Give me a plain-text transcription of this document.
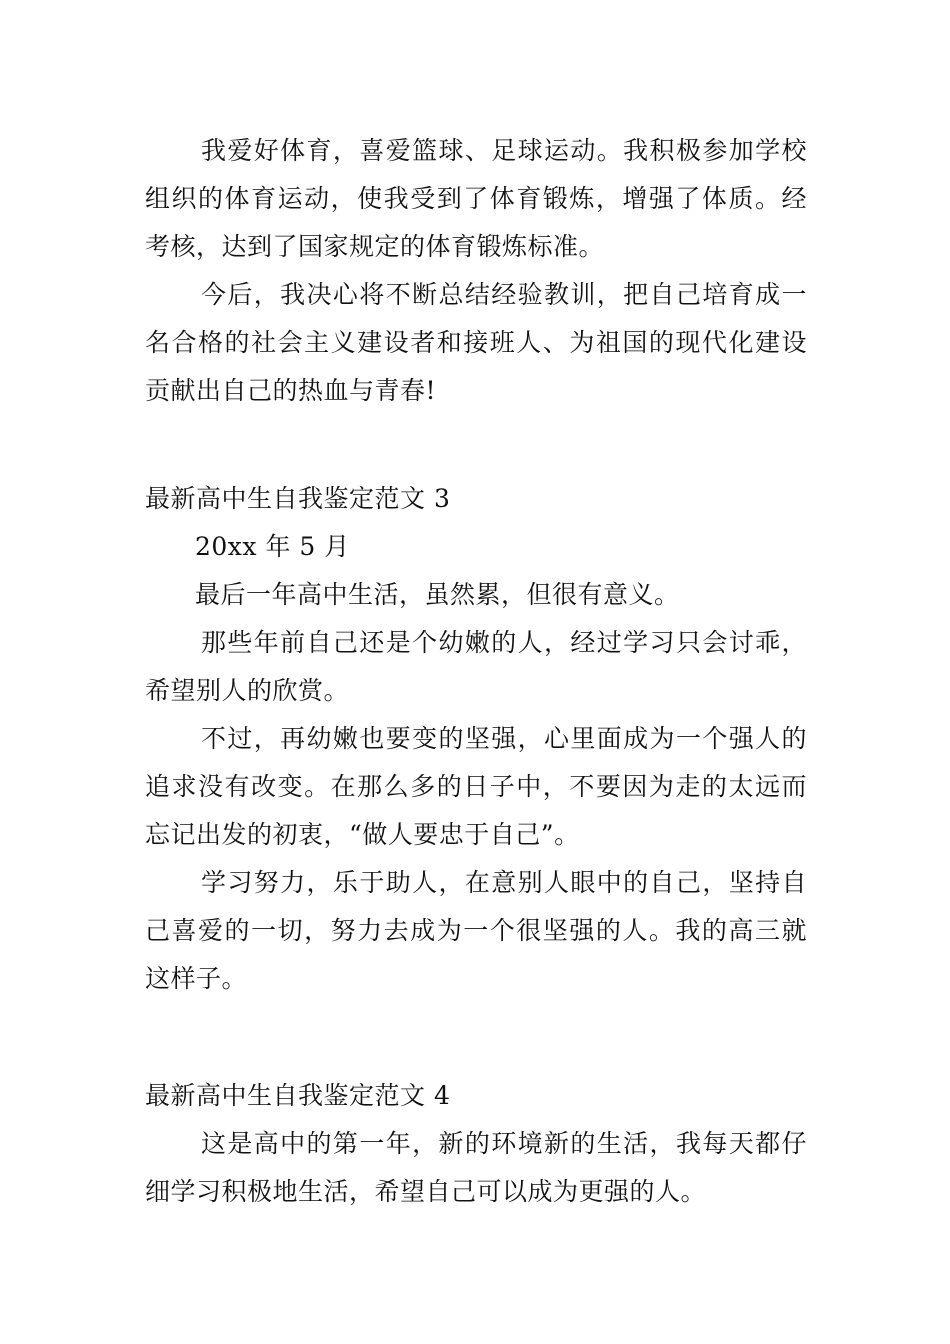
我爱好体育，喜爱篮球、足球运动。我积极参加学校组织的体育运动，使我受到了体育锻炼，增强了体质。经考核，达到了国家规定的体育锻炼标准。

今后，我决心将不断总结经验教训，把自己培育成一名合格的社会主义建设者和接班人、为祖国的现代化建设贡献出自己的热血与青春!

最新高中生自我鉴定范文 3

20xx 年 5 月

最后一年高中生活，虽然累，但很有意义。

那些年前自己还是个幼嫩的人，经过学习只会讨乖，希望别人的欣赏。

不过，再幼嫩也要变的坚强，心里面成为一个强人的追求没有改变。在那么多的日子中，不要因为走的太远而忘记出发的初衷，“做人要忠于自己”。

学习努力，乐于助人，在意别人眼中的自己，坚持自己喜爱的一切，努力去成为一个很坚强的人。我的高三就这样子。

最新高中生自我鉴定范文 4

这是高中的第一年，新的环境新的生活，我每天都仔细学习积极地生活，希望自己可以成为更强的人。
